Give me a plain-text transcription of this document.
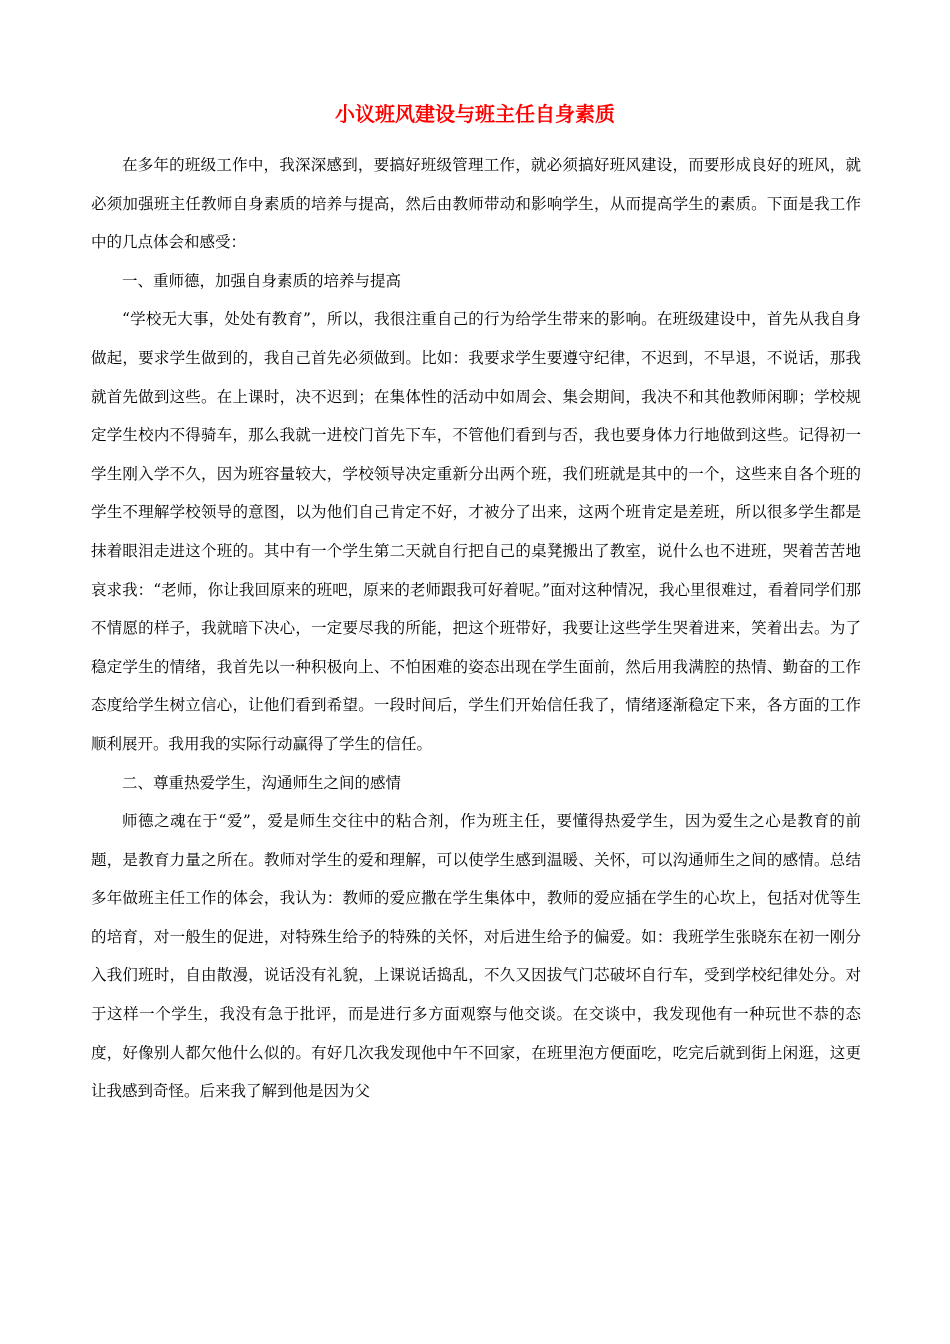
小议班风建设与班主任自身素质

在多年的班级工作中，我深深感到，要搞好班级管理工作，就必须搞好班风建设，而要形成良好的班风，就必须加强班主任教师自身素质的培养与提高，然后由教师带动和影响学生，从而提高学生的素质。下面是我工作中的几点体会和感受：

一、重师德，加强自身素质的培养与提高

“学校无大事，处处有教育”，所以，我很注重自己的行为给学生带来的影响。在班级建设中，首先从我自身做起，要求学生做到的，我自己首先必须做到。比如：我要求学生要遵守纪律，不迟到，不早退，不说话，那我就首先做到这些。在上课时，决不迟到；在集体性的活动中如周会、集会期间，我决不和其他教师闲聊；学校规定学生校内不得骑车，那么我就一进校门首先下车，不管他们看到与否，我也要身体力行地做到这些。记得初一学生刚入学不久，因为班容量较大，学校领导决定重新分出两个班，我们班就是其中的一个，这些来自各个班的学生不理解学校领导的意图，以为他们自己肯定不好，才被分了出来，这两个班肯定是差班，所以很多学生都是抹着眼泪走进这个班的。其中有一个学生第二天就自行把自己的桌凳搬出了教室，说什么也不进班，哭着苦苦地哀求我：“老师，你让我回原来的班吧，原来的老师跟我可好着呢。”面对这种情况，我心里很难过，看着同学们那不情愿的样子，我就暗下决心，一定要尽我的所能，把这个班带好，我要让这些学生哭着进来，笑着出去。为了稳定学生的情绪，我首先以一种积极向上、不怕困难的姿态出现在学生面前，然后用我满腔的热情、勤奋的工作态度给学生树立信心，让他们看到希望。一段时间后，学生们开始信任我了，情绪逐渐稳定下来，各方面的工作顺利展开。我用我的实际行动赢得了学生的信任。

二、尊重热爱学生，沟通师生之间的感情

师德之魂在于“爱”，爱是师生交往中的粘合剂，作为班主任，要懂得热爱学生，因为爱生之心是教育的前题，是教育力量之所在。教师对学生的爱和理解，可以使学生感到温暖、关怀，可以沟通师生之间的感情。总结多年做班主任工作的体会，我认为：教师的爱应撒在学生集体中，教师的爱应插在学生的心坎上，包括对优等生的培育，对一般生的促进，对特殊生给予的特殊的关怀，对后进生给予的偏爱。如：我班学生张晓东在初一刚分入我们班时，自由散漫，说话没有礼貌，上课说话捣乱，不久又因拔气门芯破坏自行车，受到学校纪律处分。对于这样一个学生，我没有急于批评，而是进行多方面观察与他交谈。在交谈中，我发现他有一种玩世不恭的态度，好像别人都欠他什么似的。有好几次我发现他中午不回家，在班里泡方便面吃，吃完后就到街上闲逛，这更让我感到奇怪。后来我了解到他是因为父
